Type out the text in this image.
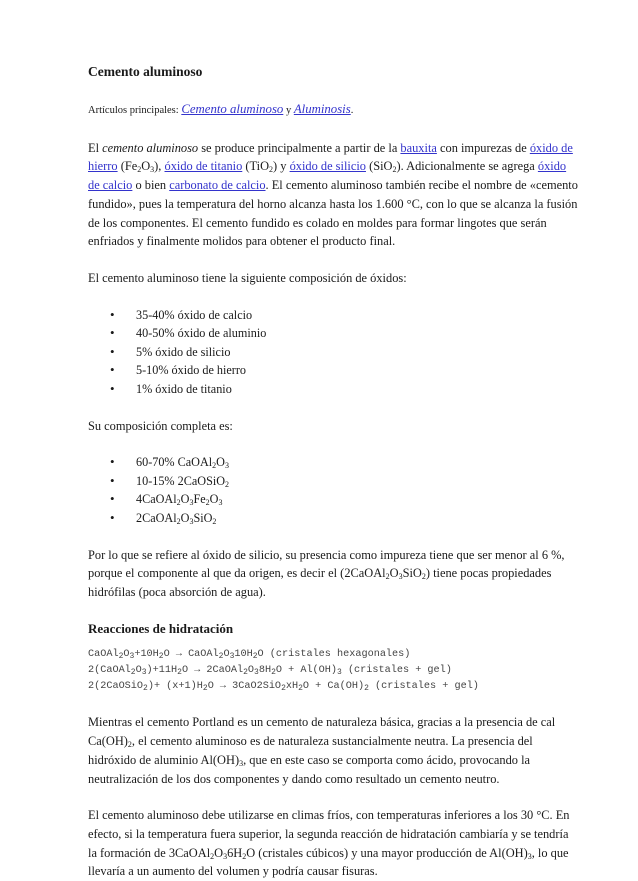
Cemento aluminoso

Artículos principales: Cemento aluminoso y Aluminosis.

El cemento aluminoso se produce principalmente a partir de la bauxita con impurezas de óxido de hierro $(Fe_2O_3)$, óxido de titanio (TiO$_2$) y óxido de silicio (SiO$_2$). Adicionalmente se agrega óxido de calcio o bien carbonato de calcio. El cemento aluminoso también recibe el nombre de «cemento fundido», pues la temperatura del horno alcanza hasta los 1.600 °C, con lo que se alcanza la fusión de los componentes. El cemento fundido es colado en moldes para formar lingotes que serán enfriados y finalmente molidos para obtener el producto final.

El cemento aluminoso tiene la siguiente composición de óxidos:

• 35-40% óxido de calcio
• 40-50% óxido de aluminio
• 5% óxido de silicio
• 5-10% óxido de hierro
• 1% óxido de titanio

Su composición completa es:

• 60-70% $CaOAl_2O_3$
• 10-15% 2CaOSiO$_2$
• $4CaOAl_2O_3Fe_2O_3$
• $2CaOAl_2O_3SiO_2$

Por lo que se refiere al óxido de silicio, su presencia como impureza tiene que ser menor al 6 %, porque el componente al que da origen, es decir el $(2CaOAl_2O_3SiO_2)$ tiene pocas propiedades hidrófilas (poca absorción de agua).

Reacciones de hidratación
$CaOAl_2O_3+10H_2O$ → $CaOAl_2O_310H_2O$ (cristales hexagonales)
$2(CaOAl_2O_3)+11H_2O$ → $2CaOAl_2O_38H_2O + Al(OH)_3$ (cristales + gel)
2(2CaOSiO$_2$)+ $(x+1)H_2O \to 3CaO2SiO_2xH_2O + Ca(OH)_2$ (cristales + gel)

Mientras el cemento Portland es un cemento de naturaleza básica, gracias a la presencia de cal $Ca(OH)_2$, el cemento aluminoso es de naturaleza sustancialmente neutra. La presencia del hidróxido de aluminio $Al(OH)_3$, que en este caso se comporta como ácido, provocando la neutralización de los dos componentes y dando como resultado un cemento neutro.

El cemento aluminoso debe utilizarse en climas fríos, con temperaturas inferiores a los 30 °C. En efecto, si la temperatura fuera superior, la segunda reacción de hidratación cambiaría y se tendría la formación de $3CaOAl_2O_36H_2O$ (cristales cúbicos) y una mayor producción de $Al(OH)_3$, lo que llevaría a un aumento del volumen y podría causar fisuras.
